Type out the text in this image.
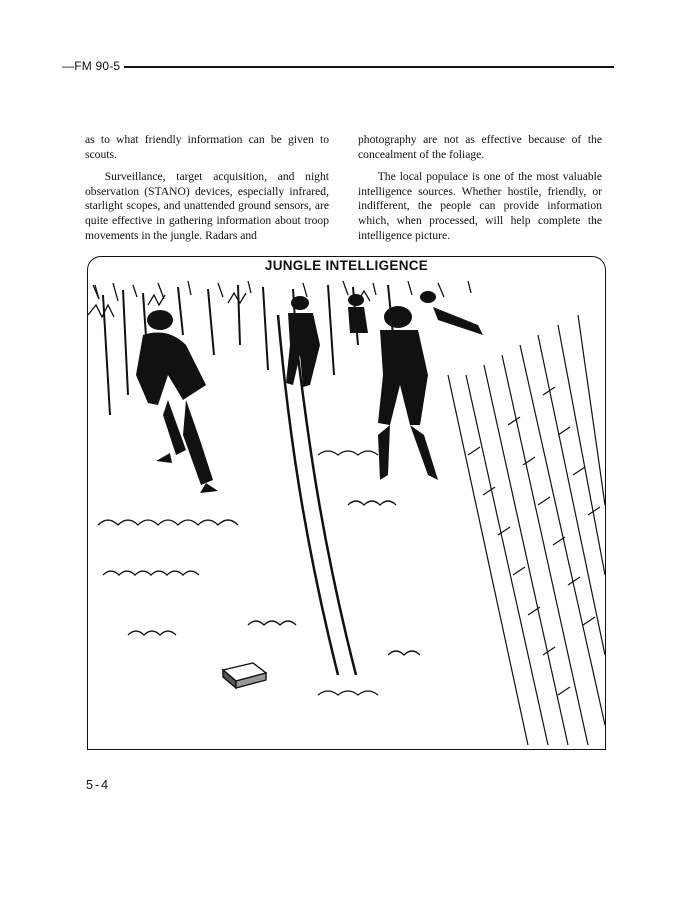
—FM 90-5

as to what friendly information can be given to scouts.

Surveillance, target acquisition, and night observation (STANO) devices, especially infrared, starlight scopes, and unattended ground sensors, are quite effective in gathering information about troop movements in the jungle. Radars and

photography are not as effective because of the concealment of the foliage.

The local populace is one of the most valuable intelligence sources. Whether hostile, friendly, or indifferent, the people can provide information which, when processed, will help complete the intelligence picture.

JUNGLE INTELLIGENCE
5-4
